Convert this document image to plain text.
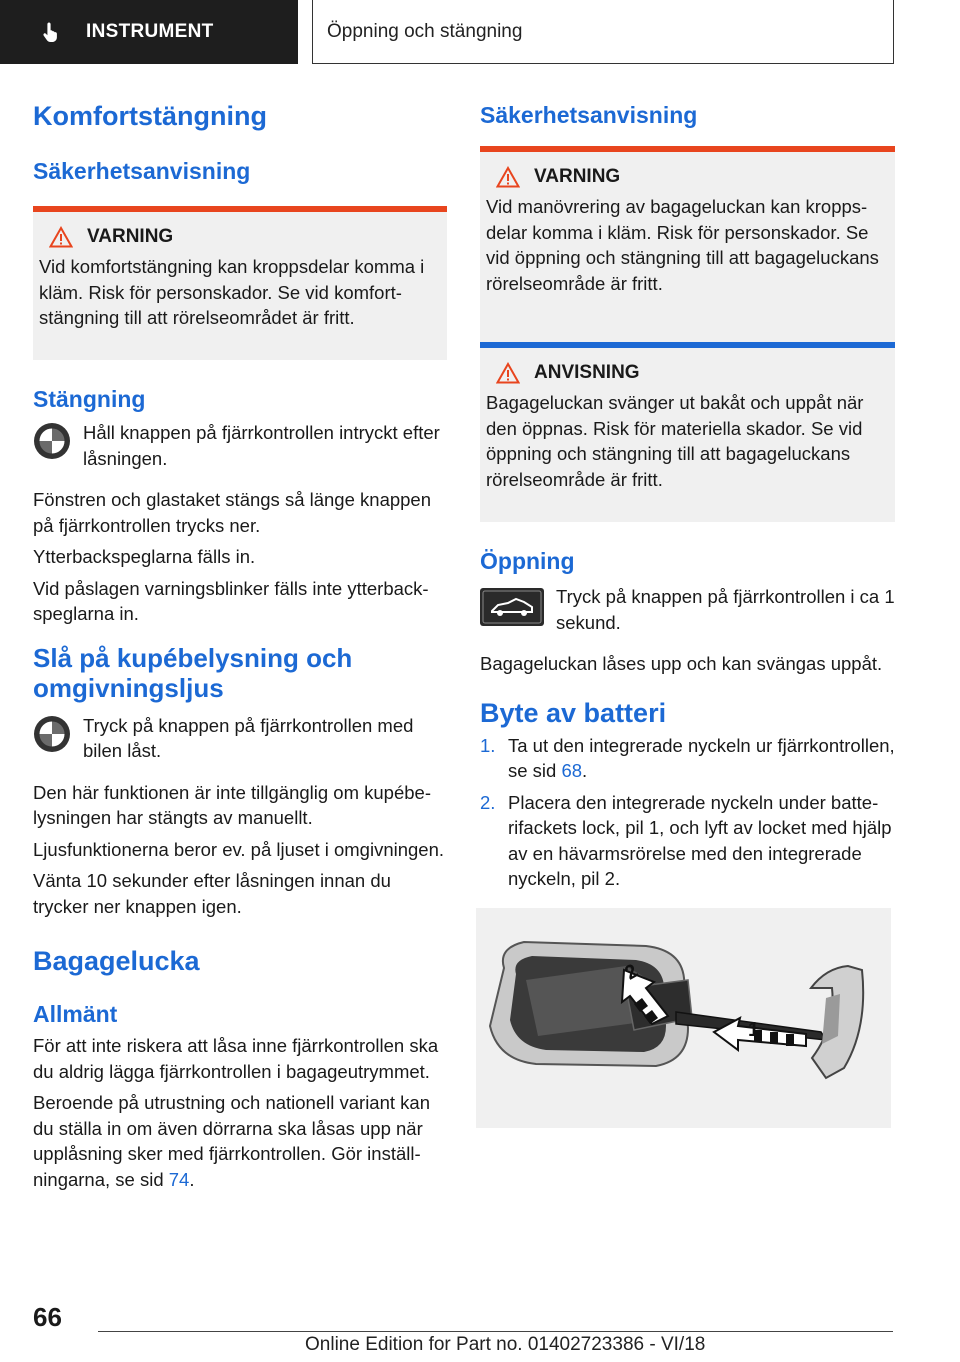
INSTRUMENT	Öppning och stängning
Komfortstängning
Säkerhetsanvisning
VARNING

Vid komfortstängning kan kroppsdelar komma i kläm. Risk för personskador. Se vid komfortstängning till att rörelseområdet är fritt.

Stängning

Håll knappen på fjärrkontrollen intryckt efter låsningen.

Fönstren och glastaket stängs så länge knappen på fjärrkontrollen trycks ner.

Ytterbackspeglarna fälls in.

Vid påslagen varningsblinker fälls inte ytterbackspeglarna in.

Slå på kupébelysning och omgivningsljus

Tryck på knappen på fjärrkontrollen med bilen låst.

Den här funktionen är inte tillgänglig om kupébelysningen har stängts av manuellt.

Ljusfunktionerna beror ev. på ljuset i omgivningen.

Vänta 10 sekunder efter låsningen innan du trycker ner knappen igen.

Bagagelucka
Allmänt

För att inte riskera att låsa inne fjärrkontrollen ska du aldrig lägga fjärrkontrollen i bagageutrymmet.

Beroende på utrustning och nationell variant kan du ställa in om även dörrarna ska låsas upp när upplåsning sker med fjärrkontrollen. Gör inställningarna, se sid 74.

Säkerhetsanvisning
VARNING

Vid manövrering av bagageluckan kan kroppsdelar komma i kläm. Risk för personskador. Se vid öppning och stängning till att bagageluckans rörelseområde är fritt.

ANVISNING

Bagageluckan svänger ut bakåt och uppåt när den öppnas. Risk för materiella skador. Se vid öppning och stängning till att bagageluckans rörelseområde är fritt.

Öppning

Tryck på knappen på fjärrkontrollen i ca 1 sekund.

Bagageluckan låses upp och kan svängas uppåt.

Byte av batteri
1. Ta ut den integrerade nyckeln ur fjärrkontrollen, se sid 68.
2. Placera den integrerade nyckeln under batterifackets lock, pil 1, och lyft av locket med hjälp av en hävarmsrörelse med den integrerade nyckeln, pil 2.
1
2
66
Online Edition for Part no. 01402723386 - VI/18
